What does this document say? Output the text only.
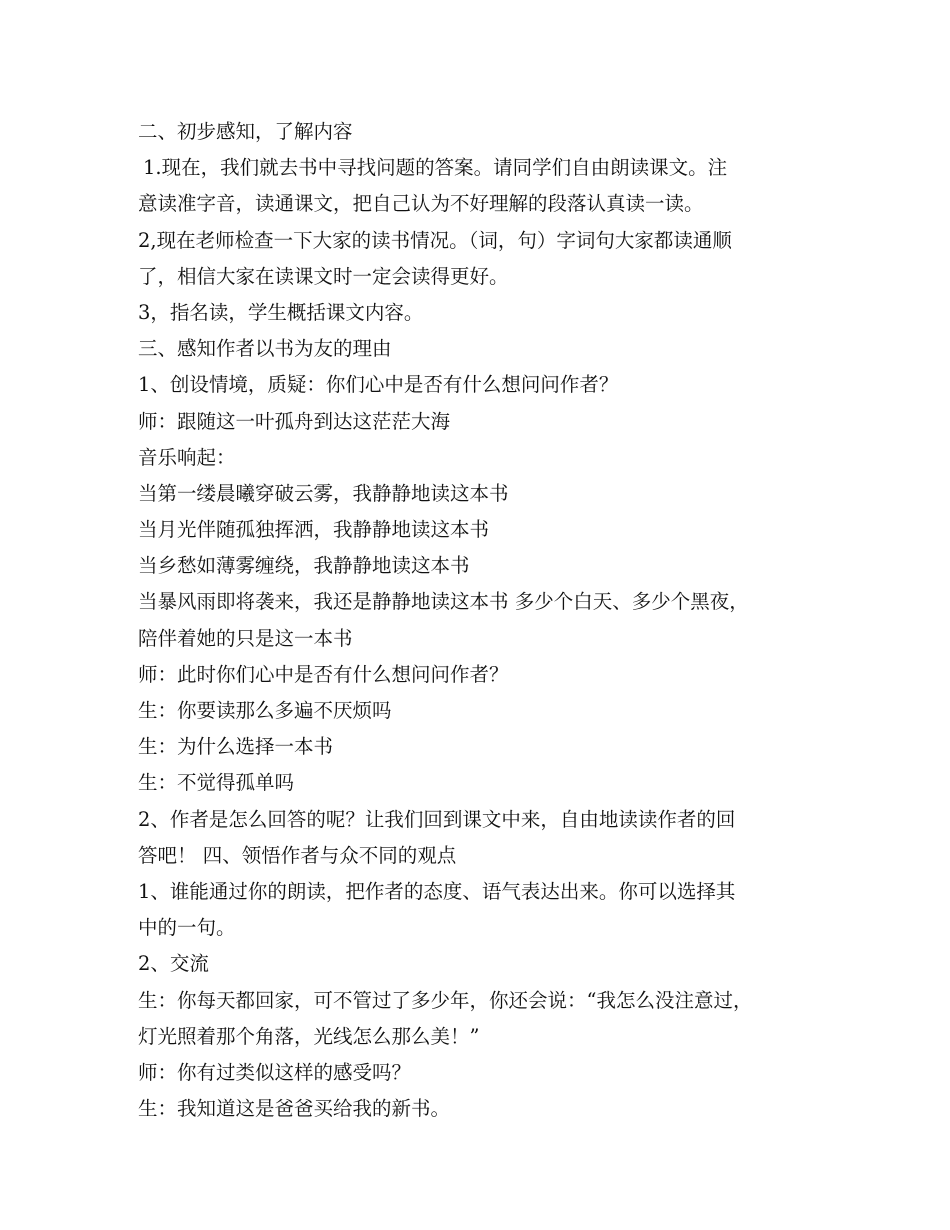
二、初步感知，了解内容
1.现在，我们就去书中寻找问题的答案。请同学们自由朗读课文。注
意读准字音，读通课文，把自己认为不好理解的段落认真读一读。
2,现在老师检查一下大家的读书情况。（词，句）字词句大家都读通顺
了，相信大家在读课文时一定会读得更好。
3，指名读，学生概括课文内容。
三、感知作者以书为友的理由
1、创设情境，质疑：你们心中是否有什么想问问作者？
师：跟随这一叶孤舟到达这茫茫大海
音乐响起：
当第一缕晨曦穿破云雾，我静静地读这本书
当月光伴随孤独挥洒，我静静地读这本书
当乡愁如薄雾缠绕，我静静地读这本书
当暴风雨即将袭来，我还是静静地读这本书 多少个白天、多少个黑夜，
陪伴着她的只是这一本书
师：此时你们心中是否有什么想问问作者？
生：你要读那么多遍不厌烦吗
生：为什么选择一本书
生：不觉得孤单吗
2、作者是怎么回答的呢？让我们回到课文中来，自由地读读作者的回
答吧！ 四、领悟作者与众不同的观点
1、谁能通过你的朗读，把作者的态度、语气表达出来。你可以选择其
中的一句。
2、交流
生：你每天都回家，可不管过了多少年，你还会说：“我怎么没注意过，
灯光照着那个角落，光线怎么那么美！”
师：你有过类似这样的感受吗？
生：我知道这是爸爸买给我的新书。
